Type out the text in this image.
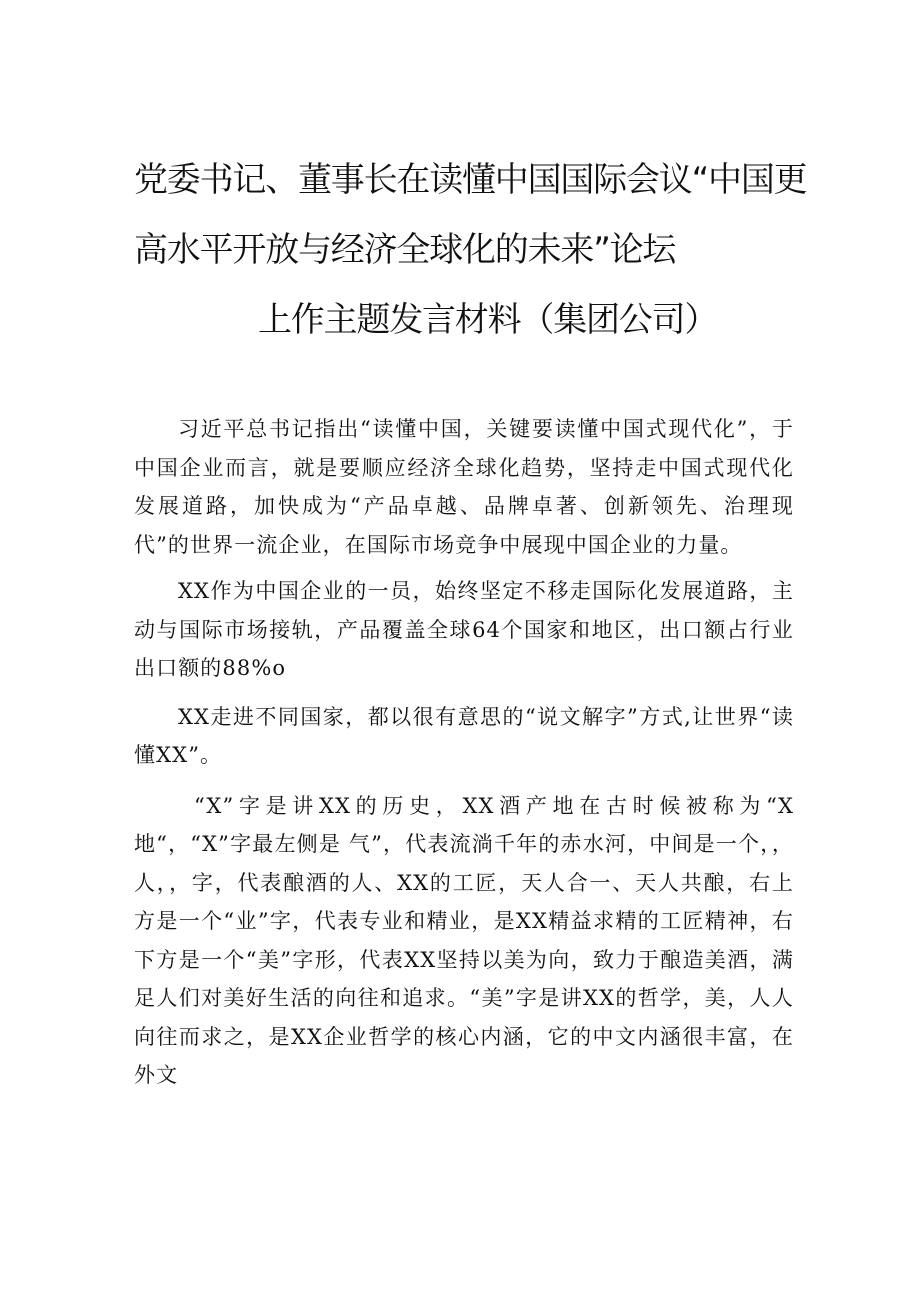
党委书记、董事长在读懂中国国际会议“中国更
高水平开放与经济全球化的未来”论坛
上作主题发言材料（集团公司）

习近平总书记指出“读懂中国，关键要读懂中国式现代化”，于中国企业而言，就是要顺应经济全球化趋势，坚持走中国式现代化发展道路，加快成为“产品卓越、品牌卓著、创新领先、治理现代”的世界一流企业，在国际市场竞争中展现中国企业的力量。

XX作为中国企业的一员，始终坚定不移走国际化发展道路，主动与国际市场接轨，产品覆盖全球64个国家和地区，出口额占行业出口额的88%o

XX走进不同国家，都以很有意思的“说文解字”方式,让世界“读懂XX”。

“X”字是讲XX的历史，XX酒产地在古时候被称为“X地“，“X”字最左侧是 气”，代表流淌千年的赤水河，中间是一个，，人，，字，代表酿酒的人、XX的工匠，天人合一、天人共酿，右上方是一个“业”字，代表专业和精业，是XX精益求精的工匠精神，右下方是一个“美”字形，代表XX坚持以美为向，致力于酿造美酒，满足人们对美好生活的向往和追求。“美”字是讲XX的哲学，美，人人向往而求之，是XX企业哲学的核心内涵，它的中文内涵很丰富，在外文
